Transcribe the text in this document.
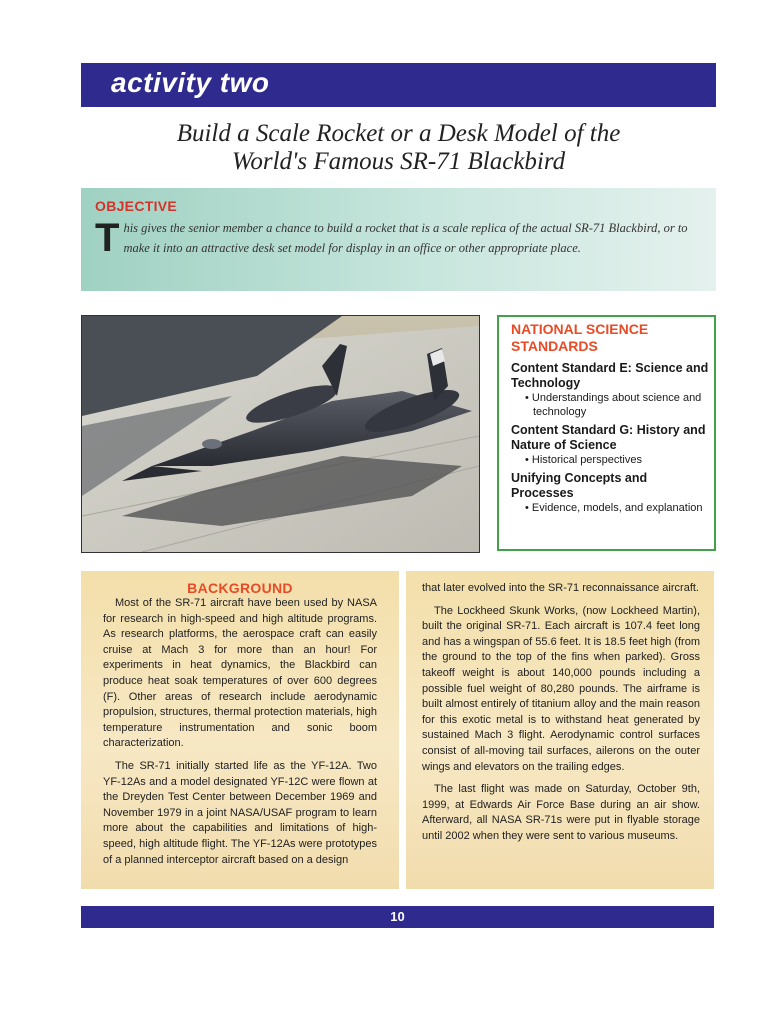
activity two
Build a Scale Rocket or a Desk Model of the
World's Famous SR-71 Blackbird
OBJECTIVE
This gives the senior member a chance to build a rocket that is a scale replica of the actual SR-71 Blackbird, or to make it into an attractive desk set model for display in an office or other appropriate place.
NATIONAL SCIENCE
STANDARDS
Content Standard E: Science and Technology
• Understandings about science and technology
Content Standard G: History and Nature of Science
• Historical perspectives
Unifying Concepts and Processes
• Evidence, models, and explanation
BACKGROUND

Most of the SR-71 aircraft have been used by NASA for research in high-speed and high altitude programs. As research platforms, the aerospace craft can easily cruise at Mach 3 for more than an hour! For experiments in heat dynamics, the Blackbird can produce heat soak temperatures of over 600 degrees (F). Other areas of research include aerodynamic propulsion, structures, thermal protection materials, high temperature instrumentation and sonic boom characterization.

The SR-71 initially started life as the YF-12A. Two YF-12As and a model designated YF-12C were flown at the Dreyden Test Center between December 1969 and November 1979 in a joint NASA/USAF program to learn more about the capabilities and limitations of high-speed, high altitude flight. The YF-12As were prototypes of a planned interceptor aircraft based on a design

that later evolved into the SR-71 reconnaissance aircraft.

The Lockheed Skunk Works, (now Lockheed Martin), built the original SR-71. Each aircraft is 107.4 feet long and has a wingspan of 55.6 feet. It is 18.5 feet high (from the ground to the top of the fins when parked). Gross takeoff weight is about 140,000 pounds including a possible fuel weight of 80,280 pounds. The airframe is built almost entirely of titanium alloy and the main reason for this exotic metal is to withstand heat generated by sustained Mach 3 flight. Aerodynamic control surfaces consist of all-moving tail surfaces, ailerons on the outer wings and elevators on the trailing edges.

The last flight was made on Saturday, October 9th, 1999, at Edwards Air Force Base during an air show. Afterward, all NASA SR-71s were put in flyable storage until 2002 when they were sent to various museums.

10
